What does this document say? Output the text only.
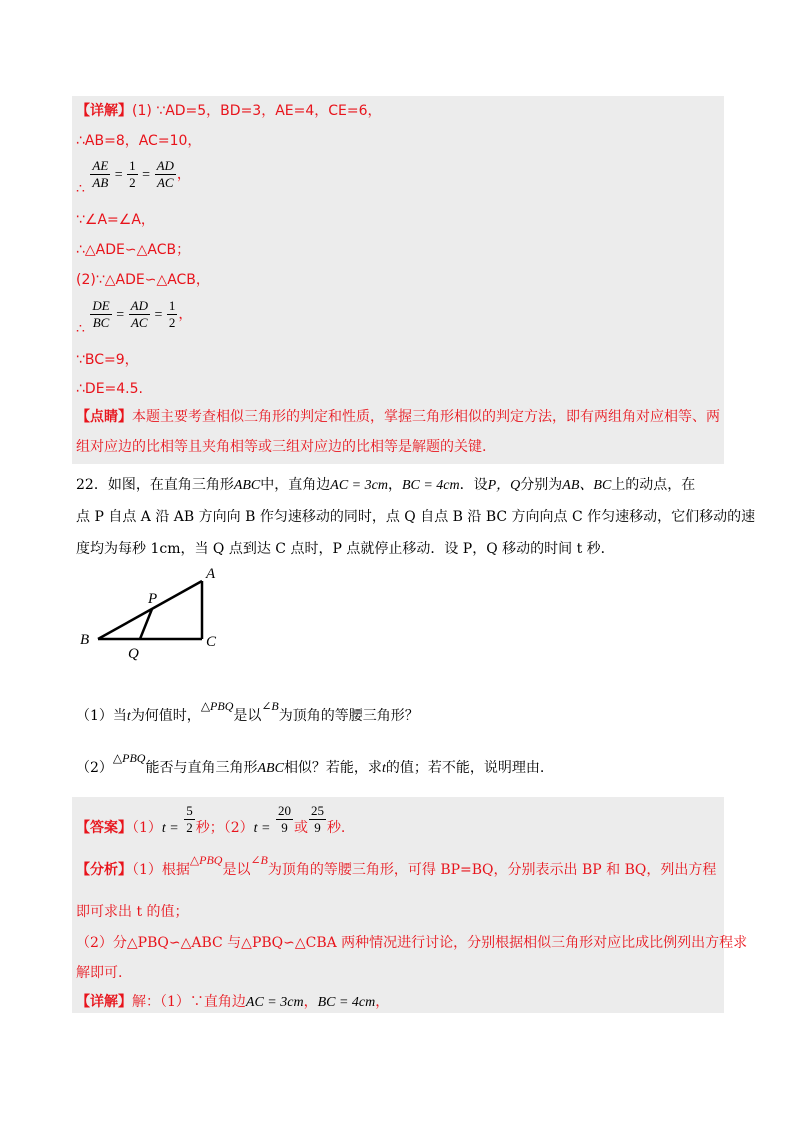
【详解】(1) ∵AD=5，BD=3，AE=4，CE=6，
∴AB=8，AC=10，
∴ $\frac{AE}{AB} = \frac{1}{2} = \frac{AD}{AC}$ ，
∵∠A=∠A，
∴△ADE∽△ACB；
(2)∵△ADE∽△ACB，
∴ $\frac{DE}{BC} = \frac{AD}{AC} = \frac{1}{2}$ ，
∵BC=9，
∴DE=4.5.
【点睛】本题主要考查相似三角形的判定和性质，掌握三角形相似的判定方法，即有两组角对应相等、两
组对应边的比相等且夹角相等或三组对应边的比相等是解题的关键.
22．如图，在直角三角形ABC中，直角边AC = 3cm，BC = 4cm．设P，Q分别为AB、BC上的动点，在
点 P 自点 A 沿 AB 方向向 B 作匀速移动的同时，点 Q 自点 B 沿 BC 方向向点 C 作匀速移动，它们移动的速
度均为每秒 1cm，当 Q 点到达 C 点时，P 点就停止移动．设 P，Q 移动的时间 t 秒．
A
B	C
P
Q
（1）当t为何值时，△PBQ是以∠B为顶角的等腰三角形？
（2）△PBQ能否与直角三角形ABC相似？若能，求t的值；若不能，说明理由.
【答案】$(1)t = \frac{5}{2}$ 秒；$(2)t = \frac{20}{9}$ 或 $\frac{25}{9}$ 秒.
【分析】（1）根据△PBQ是以∠B为顶角的等腰三角形，可得 BP=BQ，分别表示出 BP 和 BQ，列出方程
即可求出 t 的值；
（2）分△PBQ∽△ABC 与△PBQ∽△CBA 两种情况进行讨论，分别根据相似三角形对应比成比例列出方程求
解即可.
【详解】解：（1）∵直角边AC = 3cm，BC = 4cm，
